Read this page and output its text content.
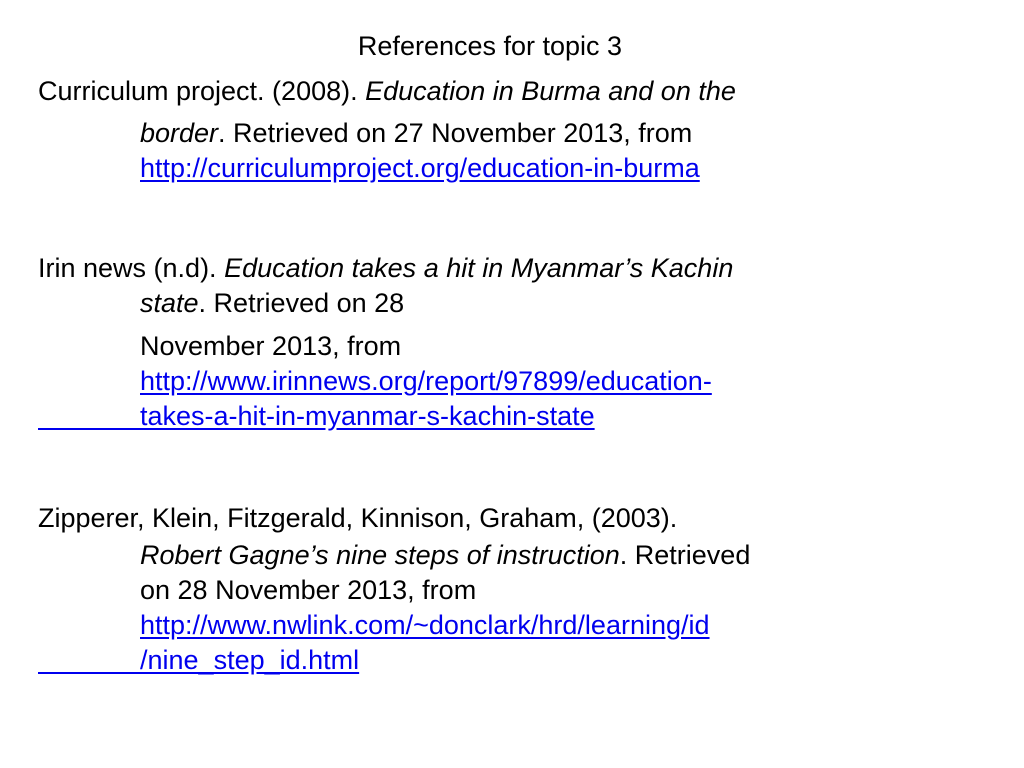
References for topic 3
Curriculum project. (2008). Education in Burma and on the
border. Retrieved on 27 November 2013, from
http://curriculumproject.org/education-in-burma
Irin news (n.d). Education takes a hit in Myanmar’s Kachin
state. Retrieved on 28
November 2013, from
http://www.irinnews.org/report/97899/education-
takes-a-hit-in-myanmar-s-kachin-state
Zipperer, Klein, Fitzgerald, Kinnison, Graham, (2003).
Robert Gagne’s nine steps of instruction. Retrieved
on 28 November 2013, from
http://www.nwlink.com/~donclark/hrd/learning/id
/nine_step_id.html
